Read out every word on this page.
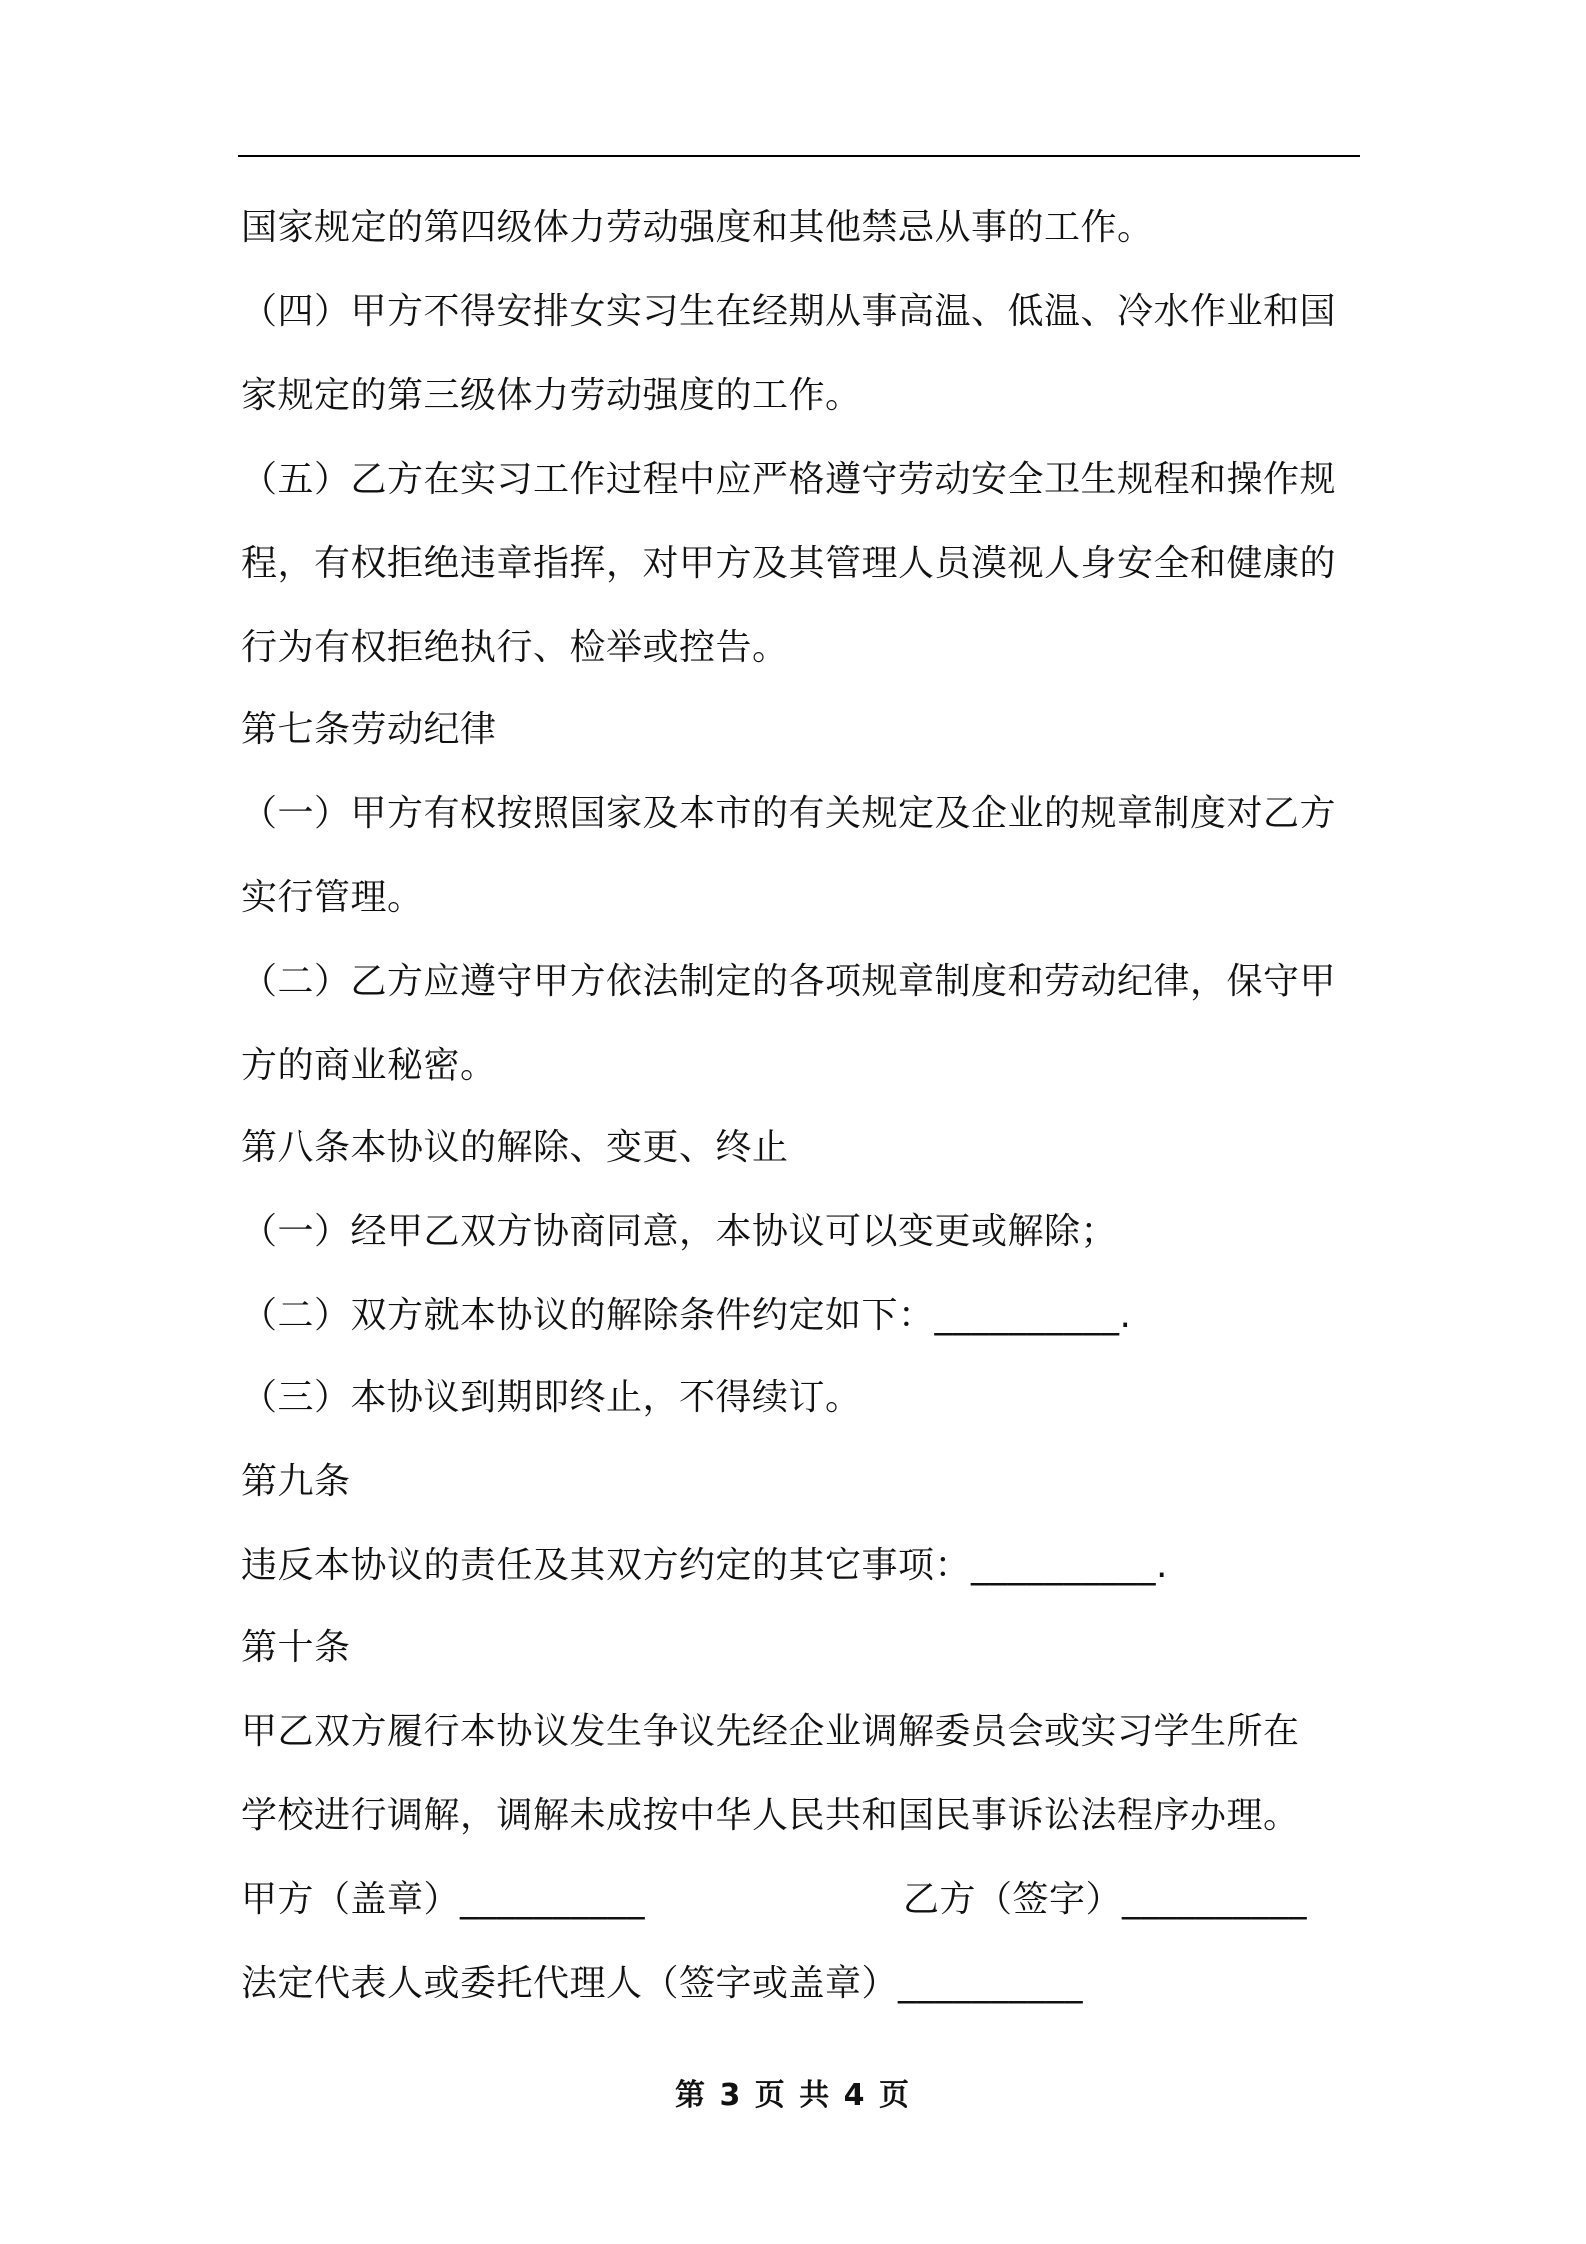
国家规定的第四级体力劳动强度和其他禁忌从事的工作。
（四）甲方不得安排女实习生在经期从事高温、低温、冷水作业和国
家规定的第三级体力劳动强度的工作。
（五）乙方在实习工作过程中应严格遵守劳动安全卫生规程和操作规
程，有权拒绝违章指挥，对甲方及其管理人员漠视人身安全和健康的
行为有权拒绝执行、检举或控告。
第七条劳动纪律
（一）甲方有权按照国家及本市的有关规定及企业的规章制度对乙方
实行管理。
（二）乙方应遵守甲方依法制定的各项规章制度和劳动纪律，保守甲
方的商业秘密。
第八条本协议的解除、变更、终止
（一）经甲乙双方协商同意，本协议可以变更或解除；
（二）双方就本协议的解除条件约定如下：__________.
（三）本协议到期即终止，不得续订。
第九条
违反本协议的责任及其双方约定的其它事项：__________.
第十条
甲乙双方履行本协议发生争议先经企业调解委员会或实习学生所在
学校进行调解，调解未成按中华人民共和国民事诉讼法程序办理。
甲方（盖章）__________	乙方（签字）__________
法定代表人或委托代理人（签字或盖章）__________
第 3 页 共 4 页
